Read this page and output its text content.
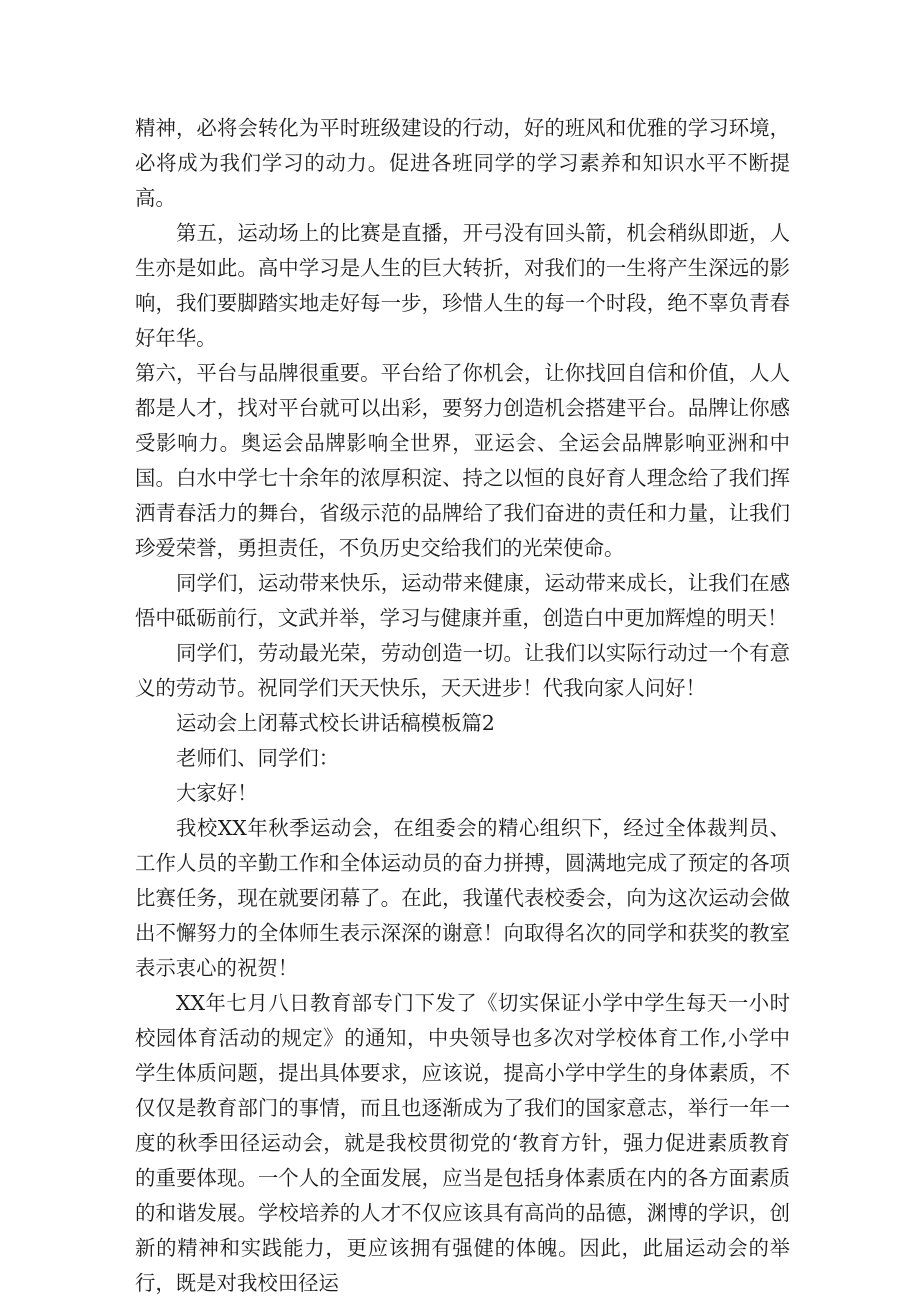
精神，必将会转化为平时班级建设的行动，好的班风和优雅的学习环境，必将成为我们学习的动力。促进各班同学的学习素养和知识水平不断提高。

第五，运动场上的比赛是直播，开弓没有回头箭，机会稍纵即逝，人生亦是如此。高中学习是人生的巨大转折，对我们的一生将产生深远的影响，我们要脚踏实地走好每一步，珍惜人生的每一个时段，绝不辜负青春好年华。

第六，平台与品牌很重要。平台给了你机会，让你找回自信和价值，人人都是人才，找对平台就可以出彩，要努力创造机会搭建平台。品牌让你感受影响力。奥运会品牌影响全世界，亚运会、全运会品牌影响亚洲和中国。白水中学七十余年的浓厚积淀、持之以恒的良好育人理念给了我们挥洒青春活力的舞台，省级示范的品牌给了我们奋进的责任和力量，让我们珍爱荣誉，勇担责任，不负历史交给我们的光荣使命。

同学们，运动带来快乐，运动带来健康，运动带来成长，让我们在感悟中砥砺前行，文武并举，学习与健康并重，创造白中更加辉煌的明天！

同学们，劳动最光荣，劳动创造一切。让我们以实际行动过一个有意义的劳动节。祝同学们天天快乐，天天进步！代我向家人问好！

运动会上闭幕式校长讲话稿模板篇2

老师们、同学们：

大家好！

我校XX年秋季运动会，在组委会的精心组织下，经过全体裁判员、工作人员的辛勤工作和全体运动员的奋力拼搏，圆满地完成了预定的各项比赛任务，现在就要闭幕了。在此，我谨代表校委会，向为这次运动会做出不懈努力的全体师生表示深深的谢意！向取得名次的同学和获奖的教室表示衷心的祝贺！

XX年七月八日教育部专门下发了《切实保证小学中学生每天一小时校园体育活动的规定》的通知，中央领导也多次对学校体育工作,小学中学生体质问题，提出具体要求，应该说，提高小学中学生的身体素质，不仅仅是教育部门的事情，而且也逐渐成为了我们的国家意志，举行一年一度的秋季田径运动会，就是我校贯彻党的‘教育方针，强力促进素质教育的重要体现。一个人的全面发展，应当是包括身体素质在内的各方面素质的和谐发展。学校培养的人才不仅应该具有高尚的品德，渊博的学识，创新的精神和实践能力，更应该拥有强健的体魄。因此，此届运动会的举行，既是对我校田径运
